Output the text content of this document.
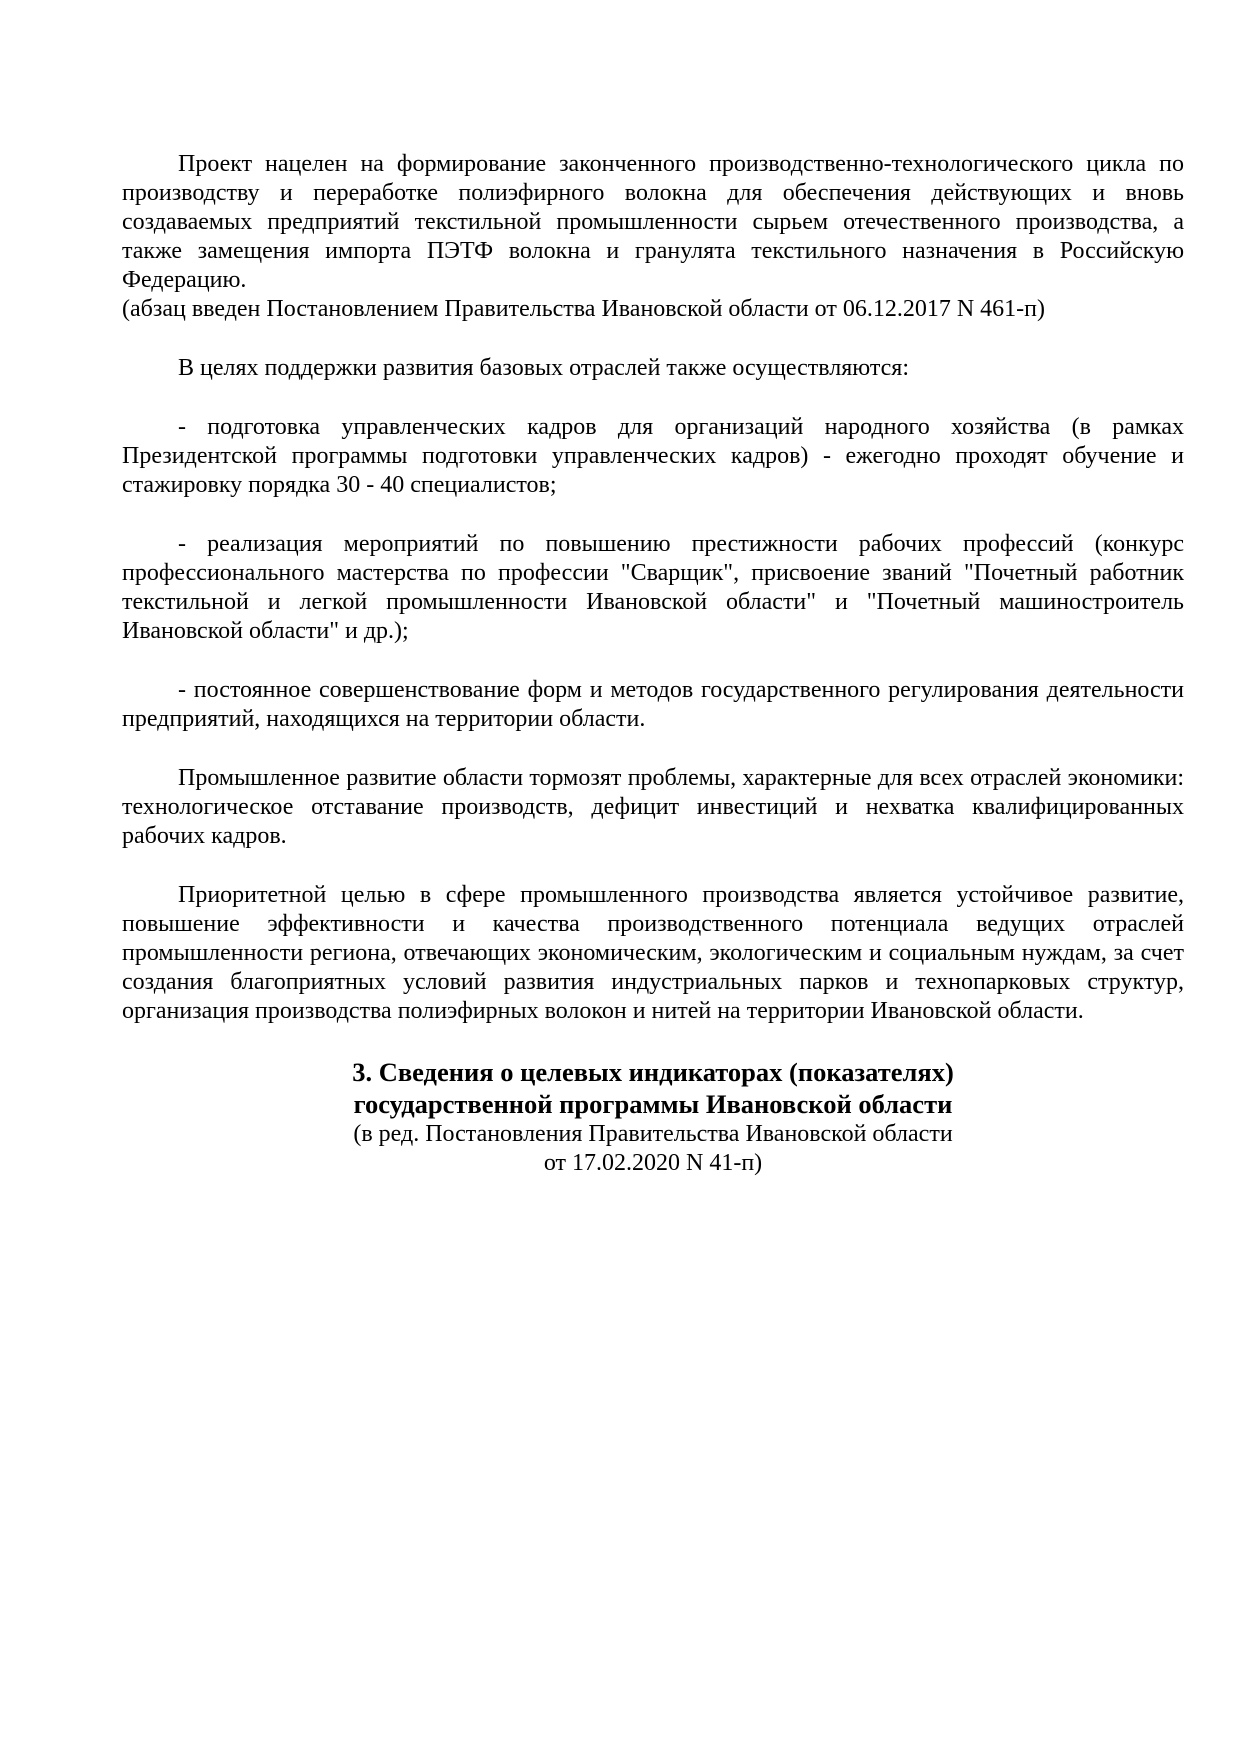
Проект нацелен на формирование законченного производственно-технологического цикла по производству и переработке полиэфирного волокна для обеспечения действующих и вновь создаваемых предприятий текстильной промышленности сырьем отечественного производства, а также замещения импорта ПЭТФ волокна и гранулята текстильного назначения в Российскую Федерацию.

(абзац введен Постановлением Правительства Ивановской области от 06.12.2017 N 461-п)

В целях поддержки развития базовых отраслей также осуществляются:

- подготовка управленческих кадров для организаций народного хозяйства (в рамках Президентской программы подготовки управленческих кадров) - ежегодно проходят обучение и стажировку порядка 30 - 40 специалистов;

- реализация мероприятий по повышению престижности рабочих профессий (конкурс профессионального мастерства по профессии "Сварщик", присвоение званий "Почетный работник текстильной и легкой промышленности Ивановской области" и "Почетный машиностроитель Ивановской области" и др.);

- постоянное совершенствование форм и методов государственного регулирования деятельности предприятий, находящихся на территории области.

Промышленное развитие области тормозят проблемы, характерные для всех отраслей экономики: технологическое отставание производств, дефицит инвестиций и нехватка квалифицированных рабочих кадров.

Приоритетной целью в сфере промышленного производства является устойчивое развитие, повышение эффективности и качества производственного потенциала ведущих отраслей промышленности региона, отвечающих экономическим, экологическим и социальным нуждам, за счет создания благоприятных условий развития индустриальных парков и технопарковых структур, организация производства полиэфирных волокон и нитей на территории Ивановской области.

3. Сведения о целевых индикаторах (показателях)
государственной программы Ивановской области
(в ред. Постановления Правительства Ивановской области
от 17.02.2020 N 41-п)
